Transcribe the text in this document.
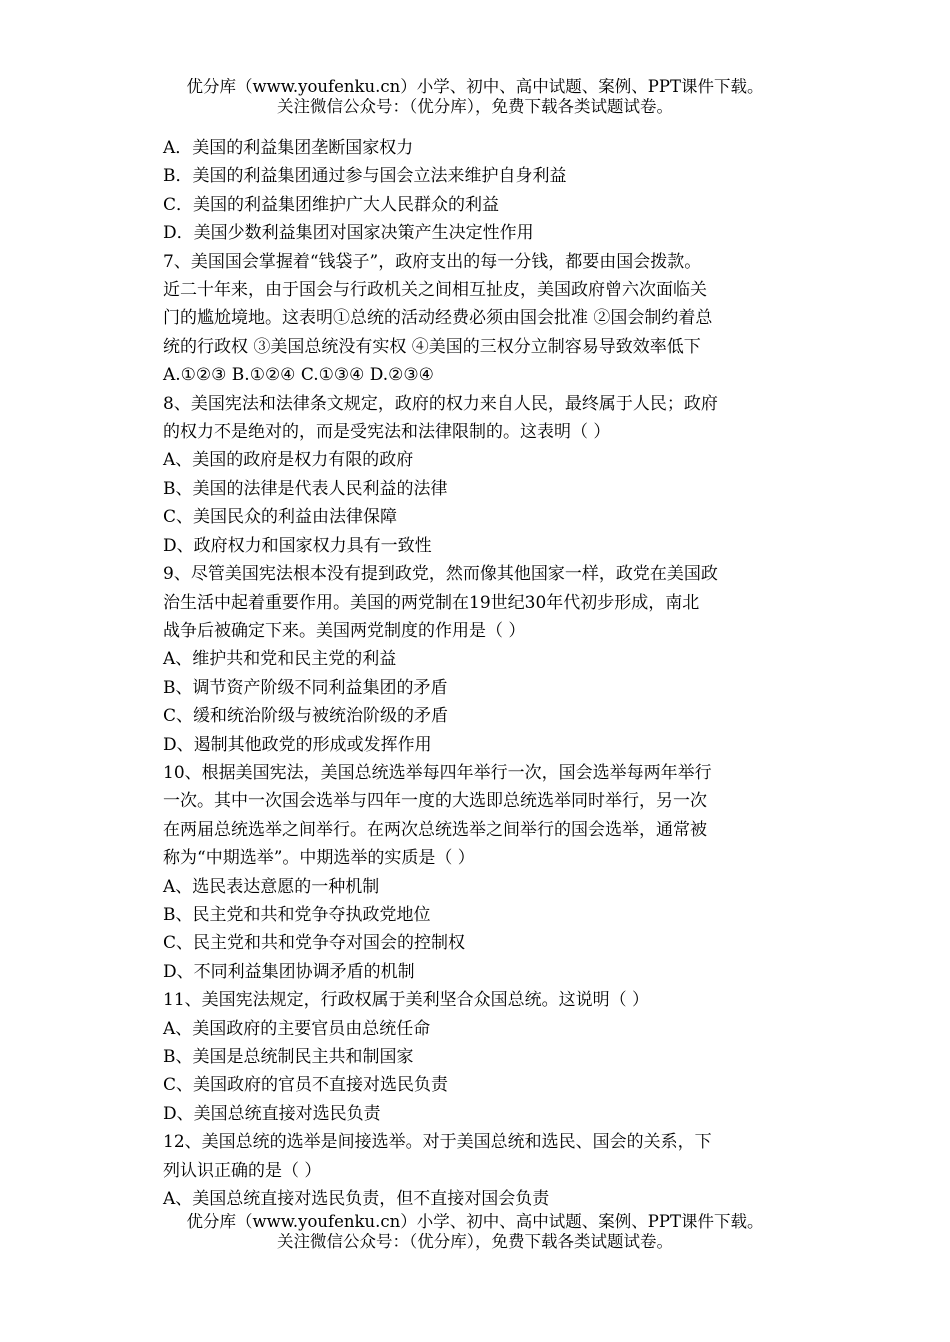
优分库（www.youfenku.cn）小学、初中、高中试题、案例、PPT课件下载。
关注微信公众号：（优分库），免费下载各类试题试卷。

A．美国的利益集团垄断国家权力

B．美国的利益集团通过参与国会立法来维护自身利益

C．美国的利益集团维护广大人民群众的利益

D．美国少数利益集团对国家决策产生决定性作用

7、美国国会掌握着“钱袋子”，政府支出的每一分钱，都要由国会拨款。

近二十年来，由于国会与行政机关之间相互扯皮，美国政府曾六次面临关

门的尴尬境地。这表明①总统的活动经费必须由国会批准 ②国会制约着总

统的行政权 ③美国总统没有实权 ④美国的三权分立制容易导致效率低下

A.①②③ B.①②④ C.①③④ D.②③④

8、美国宪法和法律条文规定，政府的权力来自人民，最终属于人民；政府

的权力不是绝对的，而是受宪法和法律限制的。这表明（ ）

A、美国的政府是权力有限的政府

B、美国的法律是代表人民利益的法律

C、美国民众的利益由法律保障

D、政府权力和国家权力具有一致性

9、尽管美国宪法根本没有提到政党，然而像其他国家一样，政党在美国政

治生活中起着重要作用。美国的两党制在19世纪30年代初步形成，南北

战争后被确定下来。美国两党制度的作用是（ ）

A、维护共和党和民主党的利益

B、调节资产阶级不同利益集团的矛盾

C、缓和统治阶级与被统治阶级的矛盾

D、遏制其他政党的形成或发挥作用

10、根据美国宪法，美国总统选举每四年举行一次，国会选举每两年举行

一次。其中一次国会选举与四年一度的大选即总统选举同时举行，另一次

在两届总统选举之间举行。在两次总统选举之间举行的国会选举，通常被

称为“中期选举”。中期选举的实质是（ ）

A、选民表达意愿的一种机制

B、民主党和共和党争夺执政党地位

C、民主党和共和党争夺对国会的控制权

D、不同利益集团协调矛盾的机制

11、美国宪法规定，行政权属于美利坚合众国总统。这说明（ ）

A、美国政府的主要官员由总统任命

B、美国是总统制民主共和制国家

C、美国政府的官员不直接对选民负责

D、美国总统直接对选民负责

12、美国总统的选举是间接选举。对于美国总统和选民、国会的关系，下

列认识正确的是（ ）

A、美国总统直接对选民负责，但不直接对国会负责

优分库（www.youfenku.cn）小学、初中、高中试题、案例、PPT课件下载。
关注微信公众号：（优分库），免费下载各类试题试卷。
